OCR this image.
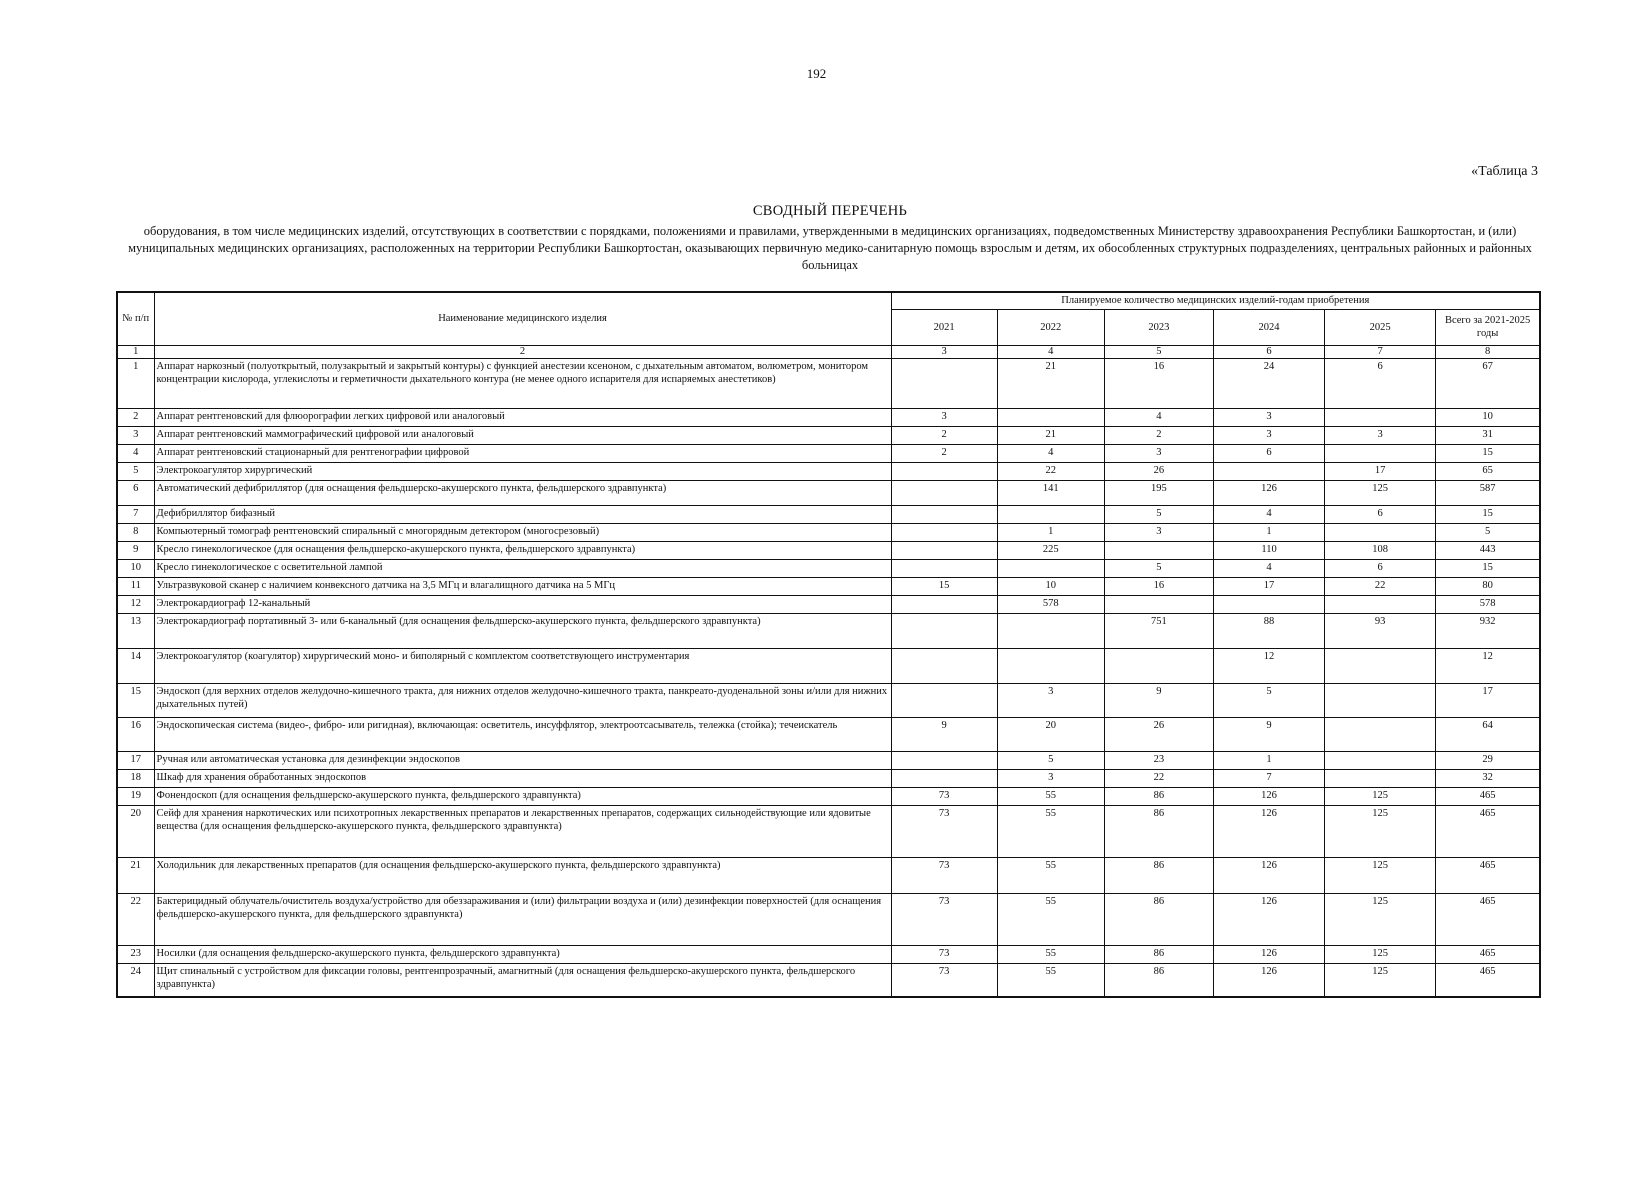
192
«Таблица 3
СВОДНЫЙ ПЕРЕЧЕНЬ
оборудования, в том числе медицинских изделий, отсутствующих в соответствии с порядками, положениями и правилами, утвержденными в медицинских организациях, подведомственных Министерству здравоохранения Республики Башкортостан, и (или) муниципальных медицинских организациях, расположенных на территории Республики Башкортостан, оказывающих первичную медико-санитарную помощь взрослым и детям, их обособленных структурных подразделениях, центральных районных и районных больницах
№ п/п	Наименование медицинского изделия	Планируемое количество медицинских изделий-годам приобретения					
		2021	2022	2023	2024	2025	Всего за 2021-2025 годы
1	2	3	4	5	6	7	8
1	Аппарат наркозный (полуоткрытый, полузакрытый и закрытый контуры) с функцией анестезии ксеноном, с дыхательным автоматом, волюметром, монитором концентрации кислорода, углекислоты и герметичности дыхательного контура (не менее одного испарителя для испаряемых анестетиков)		21	16	24	6	67
2	Аппарат рентгеновский для флюорографии легких цифровой или аналоговый	3		4	3		10
3	Аппарат рентгеновский маммографический цифровой или аналоговый	2	21	2	3	3	31
4	Аппарат рентгеновский стационарный для рентгенографии цифровой	2	4	3	6		15
5	Электрокоагулятор хирургический		22	26		17	65
6	Автоматический дефибриллятор (для оснащения фельдшерско-акушерского пункта, фельдшерского здравпункта)		141	195	126	125	587
7	Дефибриллятор бифазный			5	4	6	15
8	Компьютерный томограф рентгеновский спиральный с многорядным детектором (многосрезовый)		1	3	1		5
9	Кресло гинекологическое (для оснащения фельдшерско-акушерского пункта, фельдшерского здравпункта)		225		110	108	443
10	Кресло гинекологическое с осветительной лампой			5	4	6	15
11	Ультразвуковой сканер с наличием конвексного датчика на 3,5 МГц и влагалищного датчика на 5 МГц	15	10	16	17	22	80
12	Электрокардиограф 12-канальный		578				578
13	Электрокардиограф портативный 3- или 6-канальный (для оснащения фельдшерско-акушерского пункта, фельдшерского здравпункта)			751	88	93	932
14	Электрокоагулятор (коагулятор) хирургический моно- и биполярный с комплектом соответствующего инструментария				12		12
15	Эндоскоп (для верхних отделов желудочно-кишечного тракта, для нижних отделов желудочно-кишечного тракта, панкреато-дуоденальной зоны и/или для нижних дыхательных путей)		3	9	5		17
16	Эндоскопическая система (видео-, фибро- или ригидная), включающая: осветитель, инсуффлятор, электроотсасыватель, тележка (стойка); течеискатель	9	20	26	9		64
17	Ручная или автоматическая установка для дезинфекции эндоскопов		5	23	1		29
18	Шкаф для хранения обработанных эндоскопов		3	22	7		32
19	Фонендоскоп (для оснащения фельдшерско-акушерского пункта, фельдшерского здравпункта)	73	55	86	126	125	465
20	Сейф для хранения наркотических или психотропных лекарственных препаратов и лекарственных препаратов, содержащих сильнодействующие или ядовитые вещества (для оснащения фельдшерско-акушерского пункта, фельдшерского здравпункта)	73	55	86	126	125	465
21	Холодильник для лекарственных препаратов (для оснащения фельдшерско-акушерского пункта, фельдшерского здравпункта)	73	55	86	126	125	465
22	Бактерицидный облучатель/очиститель воздуха/устройство для обеззараживания и (или) фильтрации воздуха и (или) дезинфекции поверхностей (для оснащения фельдшерско-акушерского пункта, для фельдшерского здравпункта)	73	55	86	126	125	465
23	Носилки (для оснащения фельдшерско-акушерского пункта, фельдшерского здравпункта)	73	55	86	126	125	465
24	Щит спинальный с устройством для фиксации головы, рентгенпрозрачный, амагнитный (для оснащения фельдшерско-акушерского пункта, фельдшерского здравпункта)	73	55	86	126	125	465
